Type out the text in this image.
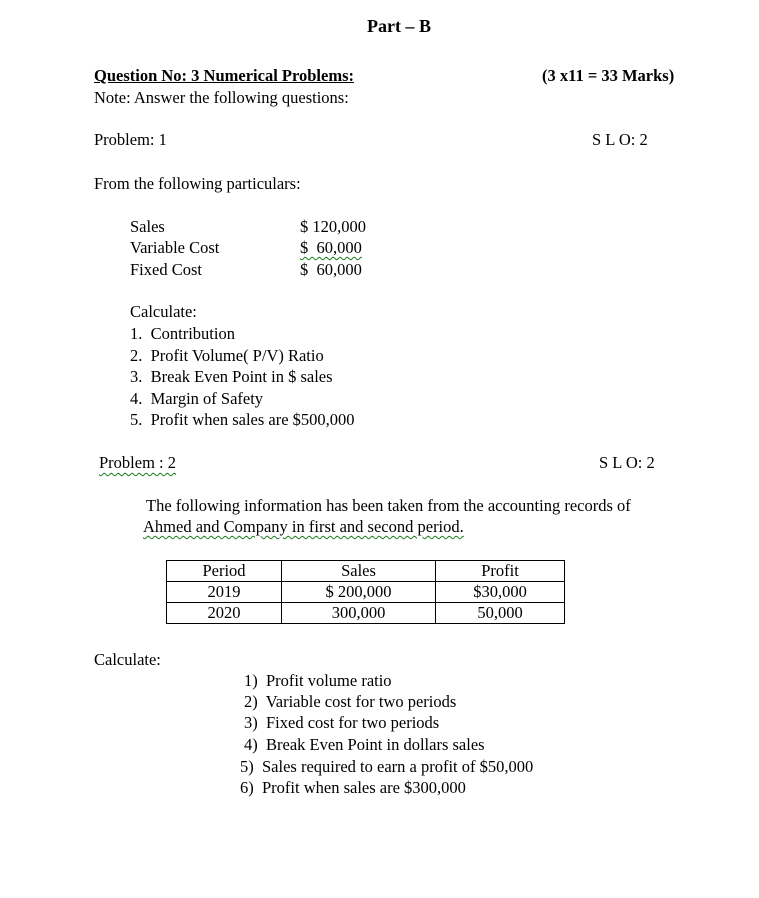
Part – B
Question No: 3 Numerical Problems:	(3 x11 = 33 Marks)
Note: Answer the following questions:
Problem: 1	S L O: 2
From the following particulars:
Sales	$ 120,000
Variable Cost	$  60,000
Fixed Cost	$  60,000
Calculate:
1.  Contribution
2.  Profit Volume( P/V) Ratio
3.  Break Even Point in $ sales
4.  Margin of Safety
5.  Profit when sales are $500,000
Problem : 2	S L O: 2
The following information has been taken from the accounting records of
Ahmed and Company in first and second period.
Period	Sales	Profit
2019	$ 200,000	$30,000
2020	300,000	50,000
Calculate:
1)  Profit volume ratio
2)  Variable cost for two periods
3)  Fixed cost for two periods
4)  Break Even Point in dollars sales
5)  Sales required to earn a profit of $50,000
6)  Profit when sales are $300,000
